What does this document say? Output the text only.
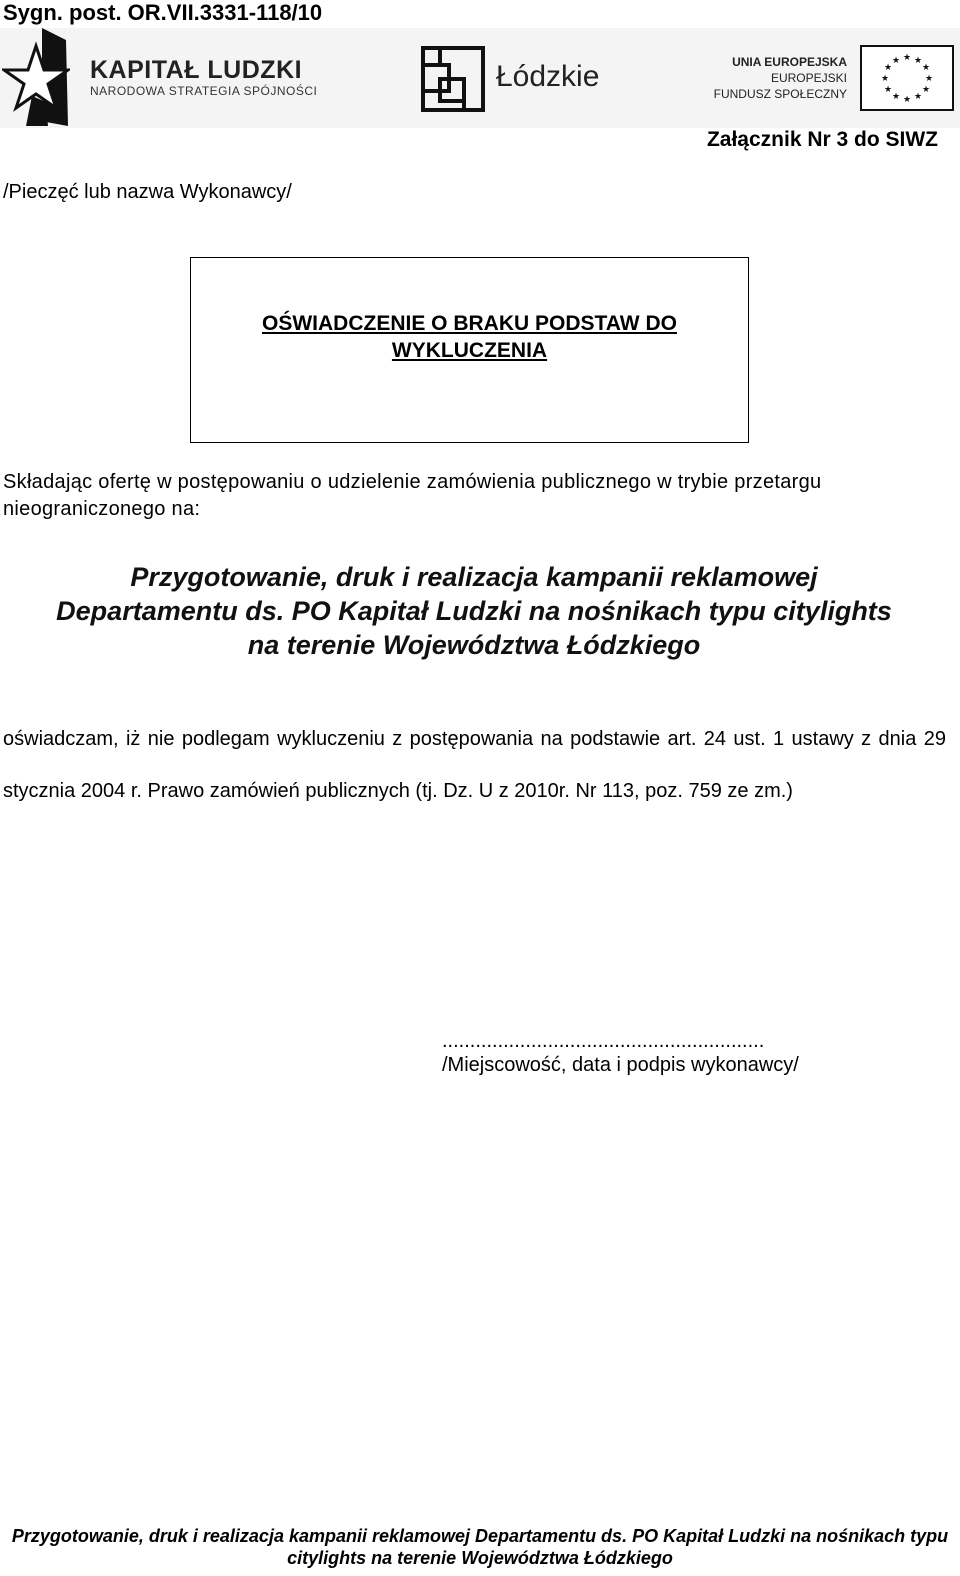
Sygn. post. OR.VII.3331-118/10
KAPITAŁ LUDZKI
NARODOWA STRATEGIA SPÓJNOŚCI	Łódzkie	UNIA EUROPEJSKA
EUROPEJSKI
FUNDUSZ SPOŁECZNY
★ ★
★
★
★
★
★
★
★
★
★
★
Załącznik Nr 3 do SIWZ
/Pieczęć lub nazwa Wykonawcy/
OŚWIADCZENIE O BRAKU PODSTAW DO WYKLUCZENIA
Składając ofertę w postępowaniu o udzielenie zamówienia publicznego w trybie przetargu nieograniczonego na:
Przygotowanie, druk i realizacja kampanii reklamowej Departamentu ds. PO Kapitał Ludzki na nośnikach typu citylights na terenie Województwa Łódzkiego
oświadczam, iż nie podlegam wykluczeniu z postępowania na podstawie art. 24 ust. 1 ustawy z dnia 29 stycznia 2004 r. Prawo zamówień publicznych (tj. Dz. U z 2010r. Nr 113, poz. 759 ze zm.)
..........................................................
/Miejscowość, data i podpis wykonawcy/
Przygotowanie, druk i realizacja kampanii reklamowej Departamentu ds. PO Kapitał Ludzki na nośnikach typu citylights na terenie Województwa Łódzkiego
